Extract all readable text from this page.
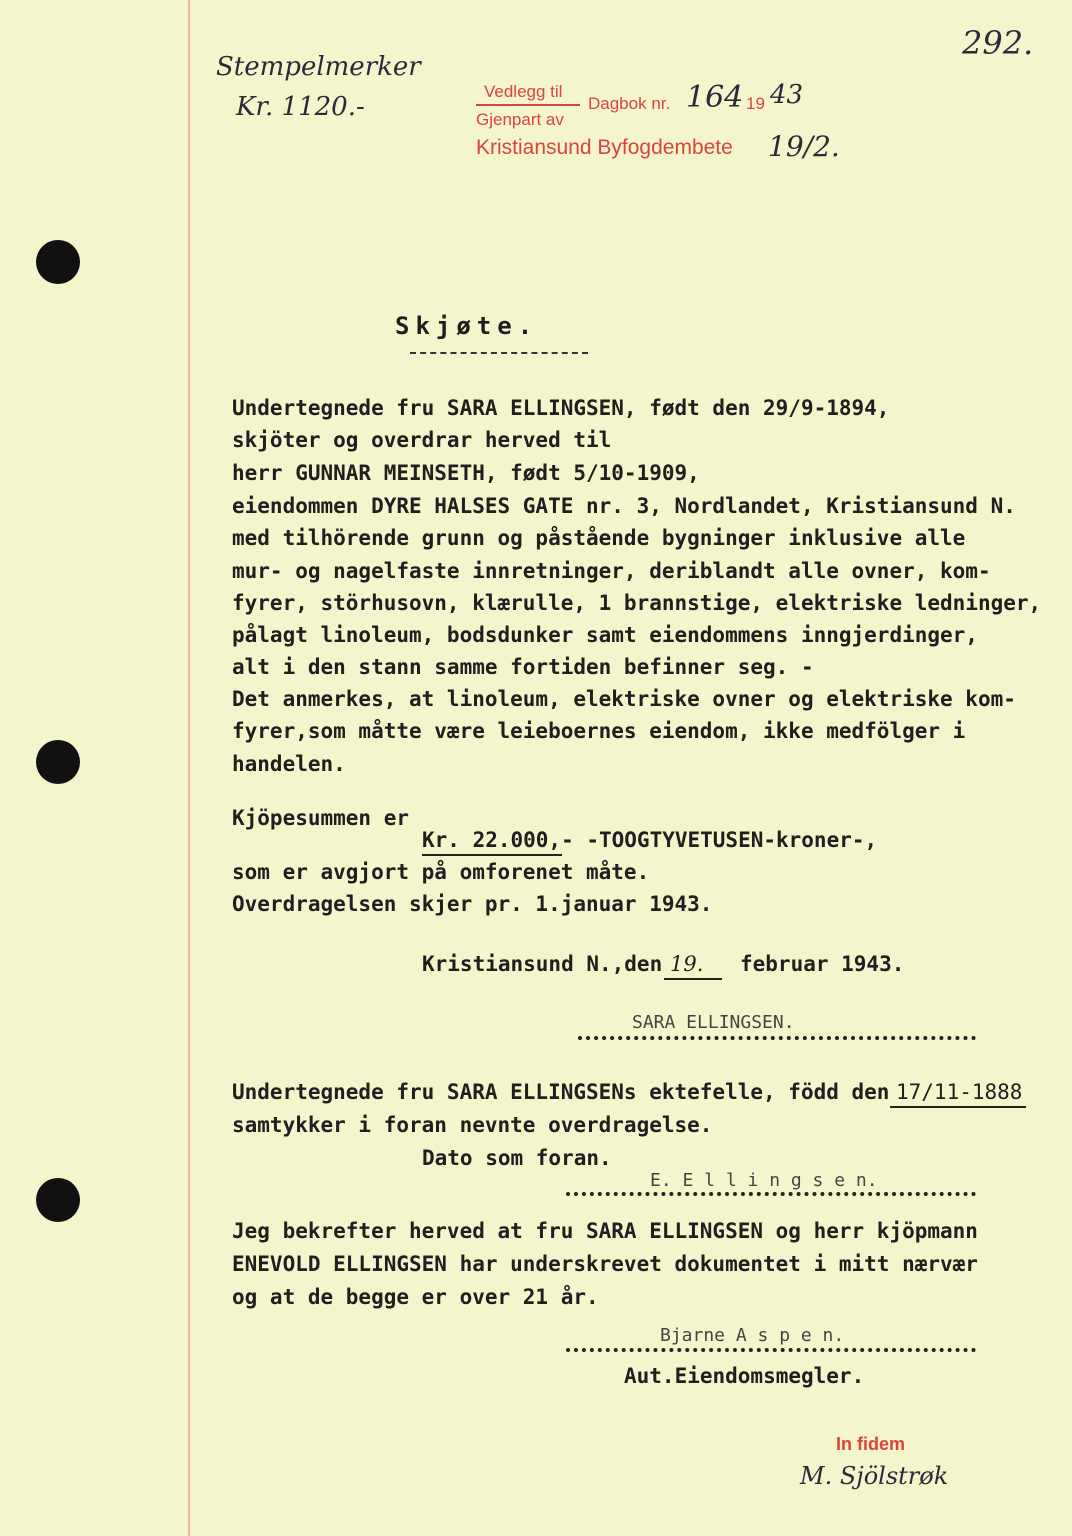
Stempelmerker
Kr. 1120.-
292.
Vedlegg til
Gjenpart av
Dagbok nr. 164 19 43
Kristiansund Byfogdembete 19/2.
Skjøte.
Undertegnede fru SARA ELLINGSEN, født den 29/9-1894,
skjöter og overdrar herved til
herr GUNNAR MEINSETH, født 5/10-1909,
eiendommen DYRE HALSES GATE nr. 3, Nordlandet, Kristiansund N.
med tilhörende grunn og påstående bygninger inklusive alle
mur- og nagelfaste innretninger, deriblandt alle ovner, kom-
fyrer, störhusovn, klærulle, 1 brannstige, elektriske ledninger,
pålagt linoleum, bodsdunker samt eiendommens inngjerdinger,
alt i den stann samme fortiden befinner seg. -
Det anmerkes, at linoleum, elektriske ovner og elektriske kom-
fyrer,som måtte være leieboernes eiendom, ikke medfölger i
handelen.
Kjöpesummen er
Kr. 22.000,- -TOOGTYVETUSEN-kroner-,
som er avgjort på omforenet måte.
Overdragelsen skjer pr. 1.januar 1943.
Kristiansund N.,den 19. februar 1943.
SARA ELLINGSEN.
Undertegnede fru SARA ELLINGSENs ektefelle, född den 17/11-1888
samtykker i foran nevnte overdragelse.
Dato som foran.
E. E l l i n g s e n.
Jeg bekrefter herved at fru SARA ELLINGSEN og herr kjöpmann
ENEVOLD ELLINGSEN har underskrevet dokumentet i mitt nærvær
og at de begge er over 21 år.
Bjarne A s p e n.
Aut.Eiendomsmegler.
In fidem
M. Sjölstrøk
